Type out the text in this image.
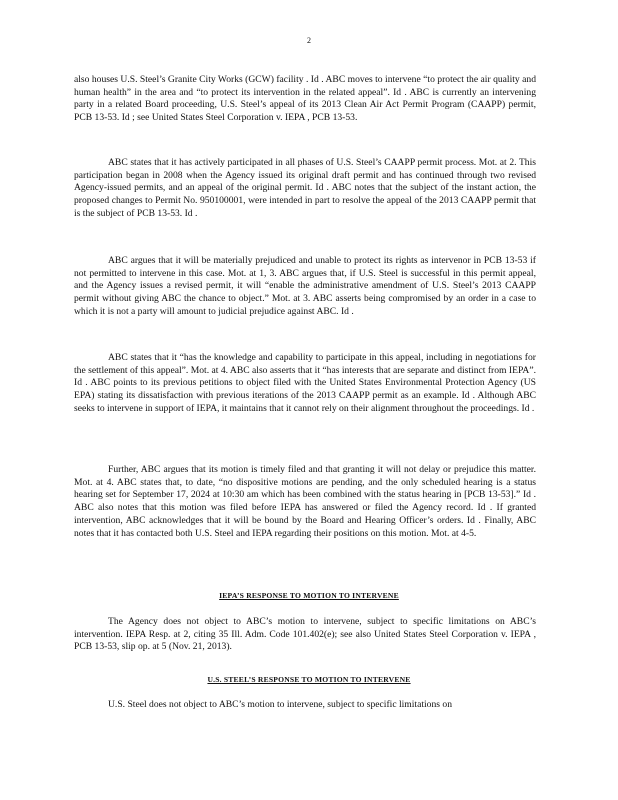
2

also houses U.S. Steel’s Granite City Works (GCW) facility . Id . ABC moves to intervene “to protect the air quality and human health” in the area and “to protect its intervention in the related appeal”. Id . ABC is currently an intervening party in a related Board proceeding, U.S. Steel’s appeal of its 2013 Clean Air Act Permit Program (CAAPP) permit, PCB 13-53. Id ; see United States Steel Corporation v. IEPA , PCB 13-53.

ABC states that it has actively participated in all phases of U.S. Steel’s CAAPP permit process. Mot. at 2. This participation began in 2008 when the Agency issued its original draft permit and has continued through two revised Agency-issued permits, and an appeal of the original permit. Id . ABC notes that the subject of the instant action, the proposed changes to Permit No. 950100001, were intended in part to resolve the appeal of the 2013 CAAPP permit that is the subject of PCB 13-53. Id .

ABC argues that it will be materially prejudiced and unable to protect its rights as intervenor in PCB 13-53 if not permitted to intervene in this case. Mot. at 1, 3. ABC argues that, if U.S. Steel is successful in this permit appeal, and the Agency issues a revised permit, it will “enable the administrative amendment of U.S. Steel’s 2013 CAAPP permit without giving ABC the chance to object.” Mot. at 3. ABC asserts being compromised by an order in a case to which it is not a party will amount to judicial prejudice against ABC. Id .

ABC states that it “has the knowledge and capability to participate in this appeal, including in negotiations for the settlement of this appeal”. Mot. at 4. ABC also asserts that it “has interests that are separate and distinct from IEPA”. Id . ABC points to its previous petitions to object filed with the United States Environmental Protection Agency (US EPA) stating its dissatisfaction with previous iterations of the 2013 CAAPP permit as an example. Id . Although ABC seeks to intervene in support of IEPA, it maintains that it cannot rely on their alignment throughout the proceedings. Id .

Further, ABC argues that its motion is timely filed and that granting it will not delay or prejudice this matter. Mot. at 4. ABC states that, to date, “no dispositive motions are pending, and the only scheduled hearing is a status hearing set for September 17, 2024 at 10:30 am which has been combined with the status hearing in [PCB 13-53].” Id . ABC also notes that this motion was filed before IEPA has answered or filed the Agency record. Id . If granted intervention, ABC acknowledges that it will be bound by the Board and Hearing Officer’s orders. Id . Finally, ABC notes that it has contacted both U.S. Steel and IEPA regarding their positions on this motion. Mot. at 4-5.

IEPA’S RESPONSE TO MOTION TO INTERVENE

The Agency does not object to ABC’s motion to intervene, subject to specific limitations on ABC’s intervention. IEPA Resp. at 2, citing 35 Ill. Adm. Code 101.402(e); see also United States Steel Corporation v. IEPA , PCB 13-53, slip op. at 5 (Nov. 21, 2013).

U.S. STEEL’S RESPONSE TO MOTION TO INTERVENE

U.S. Steel does not object to ABC’s motion to intervene, subject to specific limitations on
